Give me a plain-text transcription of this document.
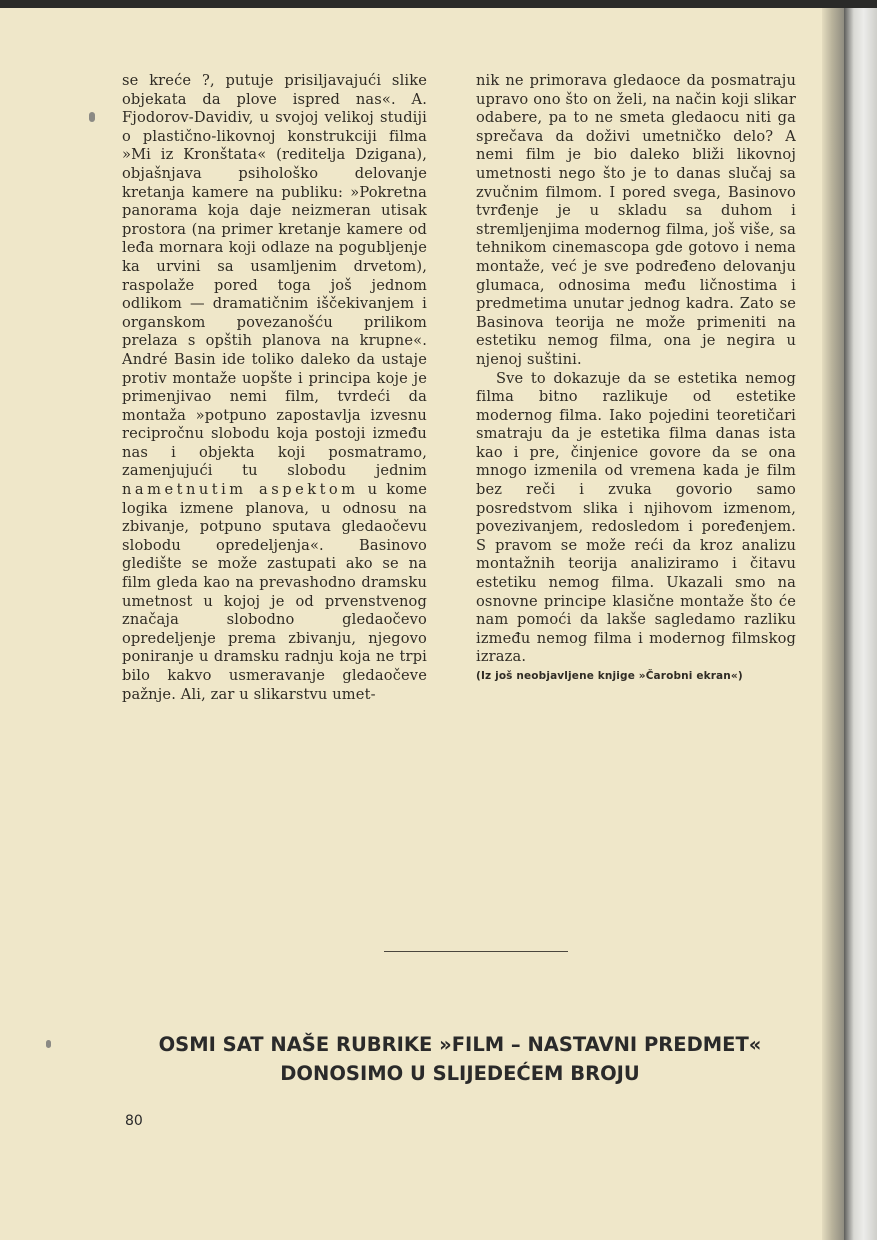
se kreće ?, putuje prisiljavajući slike objekata da plove ispred nas«. A. Fjodorov-Davidiv, u svojoj velikoj studiji o plastično-likovnoj konstrukciji filma »Mi iz Kronštata« (reditelja Dzigana), objašnjava psihološko delovanje kretanja kamere na publiku: »Pokretna panorama koja daje neizmeran utisak prostora (na primer kretanje kamere od leđa mornara koji odlaze na pogubljenje ka urvini sa usamljenim drvetom), raspolaže pored toga još jednom odlikom — dramatičnim iščekivanjem i organskom povezanošću prilikom prelaza s opštih planova na krupne«. André Basin ide toliko daleko da ustaje protiv montaže uopšte i principa koje je primenjivao nemi film, tvrdeći da montaža »potpuno zapostavlja izvesnu recipročnu slobodu koja postoji između nas i objekta koji posmatramo, zamenjujući tu slobodu jednim nametnutim aspektom u kome logika izmene planova, u odnosu na zbivanje, potpuno sputava gledaočevu slobodu opredeljenja«. Basinovo gledište se može zastupati ako se na film gleda kao na prevashodno dramsku umetnost u kojoj je od prvenstvenog značaja slobodno gledaočevo opredeljenje prema zbivanju, njegovo poniranje u dramsku radnju koja ne trpi bilo kakvo usmeravanje gledaočeve pažnje. Ali, zar u slikarstvu umet-

nik ne primorava gledaoce da posmatraju upravo ono što on želi, na način koji slikar odabere, pa to ne smeta gledaocu niti ga sprečava da doživi umetničko delo? A nemi film je bio daleko bliži likovnoj umetnosti nego što je to danas slučaj sa zvučnim filmom. I pored svega, Basinovo tvrđenje je u skladu sa duhom i stremljenjima modernog filma, još više, sa tehnikom cinemascopa gde gotovo i nema montaže, već je sve podređeno delovanju glumaca, odnosima među ličnostima i predmetima unutar jednog kadra. Zato se Basinova teorija ne može primeniti na estetiku nemog filma, ona je negira u njenoj suštini.

Sve to dokazuje da se estetika nemog filma bitno razlikuje od estetike modernog filma. Iako pojedini teoretičari smatraju da je estetika filma danas ista kao i pre, činjenice govore da se ona mnogo izmenila od vremena kada je film bez reči i zvuka govorio samo posredstvom slika i njihovom izmenom, povezivanjem, redosledom i poređenjem. S pravom se može reći da kroz analizu montažnih teorija analiziramo i čitavu estetiku nemog filma. Ukazali smo na osnovne principe klasične montaže što će nam pomoći da lakše sagledamo razliku između nemog filma i modernog filmskog izraza.

(Iz još neobjavljene knjige »Čarobni ekran«)

OSMI SAT NAŠE RUBRIKE »FILM – NASTAVNI PREDMET«
DONOSIMO U SLIJEDEĆEM BROJU
80
